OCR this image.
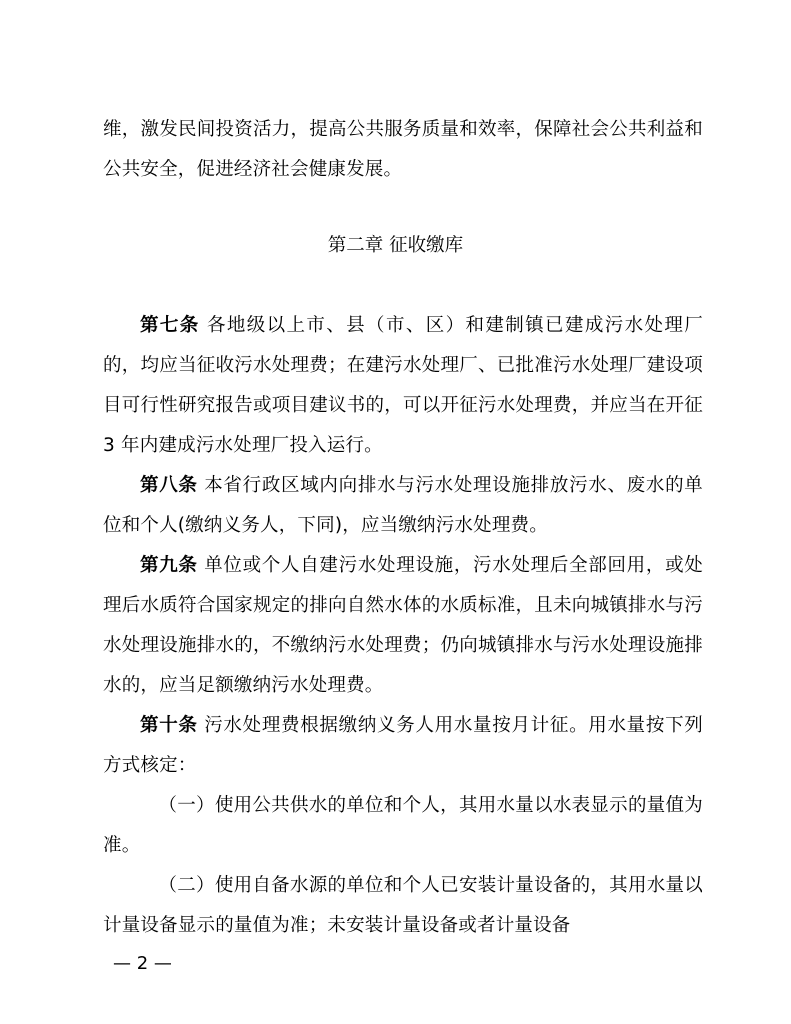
维，激发民间投资活力，提高公共服务质量和效率，保障社会公共利益和公共安全，促进经济社会健康发展。

第二章 征收缴库

第七条 各地级以上市、县（市、区）和建制镇已建成污水处理厂的，均应当征收污水处理费；在建污水处理厂、已批准污水处理厂建设项目可行性研究报告或项目建议书的，可以开征污水处理费，并应当在开征 3 年内建成污水处理厂投入运行。

第八条 本省行政区域内向排水与污水处理设施排放污水、废水的单位和个人(缴纳义务人，下同)，应当缴纳污水处理费。

第九条 单位或个人自建污水处理设施，污水处理后全部回用，或处理后水质符合国家规定的排向自然水体的水质标准，且未向城镇排水与污水处理设施排水的，不缴纳污水处理费；仍向城镇排水与污水处理设施排水的，应当足额缴纳污水处理费。

第十条 污水处理费根据缴纳义务人用水量按月计征。用水量按下列方式核定：

（一）使用公共供水的单位和个人，其用水量以水表显示的量值为准。

（二）使用自备水源的单位和个人已安装计量设备的，其用水量以计量设备显示的量值为准；未安装计量设备或者计量设备

— 2 —
